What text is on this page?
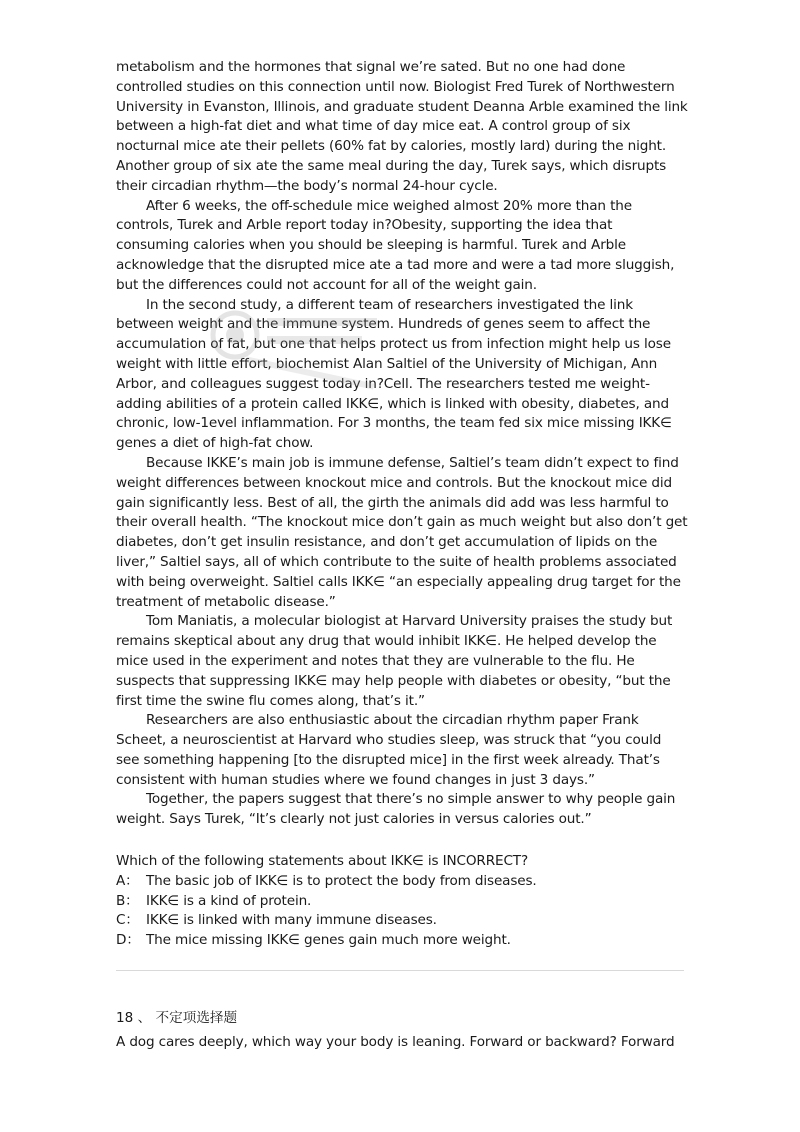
metabolism and the hormones that signal we’re sated. But no one had done controlled studies on this connection until now. Biologist Fred Turek of Northwestern University in Evanston, Illinois, and graduate student Deanna Arble examined the link between a high-fat diet and what time of day mice eat. A control group of six nocturnal mice ate their pellets (60% fat by calories, mostly lard) during the night. Another group of six ate the same meal during the day, Turek says, which disrupts their circadian rhythm—the body’s normal 24-hour cycle.

After 6 weeks, the off-schedule mice weighed almost 20% more than the controls, Turek and Arble report today in?Obesity, supporting the idea that consuming calories when you should be sleeping is harmful. Turek and Arble acknowledge that the disrupted mice ate a tad more and were a tad more sluggish, but the differences could not account for all of the weight gain.

In the second study, a different team of researchers investigated the link between weight and the immune system. Hundreds of genes seem to affect the accumulation of fat, but one that helps protect us from infection might help us lose weight with little effort, biochemist Alan Saltiel of the University of Michigan, Ann Arbor, and colleagues suggest today in?Cell. The researchers tested me weight-adding abilities of a protein called IKK∈, which is linked with obesity, diabetes, and chronic, low-1evel inflammation. For 3 months, the team fed six mice missing IKK∈ genes a diet of high-fat chow.

Because IKKE’s main job is immune defense, Saltiel’s team didn’t expect to find weight differences between knockout mice and controls. But the knockout mice did gain significantly less. Best of all, the girth the animals did add was less harmful to their overall health. “The knockout mice don’t gain as much weight but also don’t get diabetes, don’t get insulin resistance, and don’t get accumulation of lipids on the liver,” Saltiel says, all of which contribute to the suite of health problems associated with being overweight. Saltiel calls IKK∈ “an especially appealing drug target for the treatment of metabolic disease.”

Tom Maniatis, a molecular biologist at Harvard University praises the study but remains skeptical about any drug that would inhibit IKK∈. He helped develop the mice used in the experiment and notes that they are vulnerable to the flu. He suspects that suppressing IKK∈ may help people with diabetes or obesity, “but the first time the swine flu comes along, that’s it.”

Researchers are also enthusiastic about the circadian rhythm paper Frank Scheet, a neuroscientist at Harvard who studies sleep, was struck that “you could see something happening [to the disrupted mice] in the first week already. That’s consistent with human studies where we found changes in just 3 days.”

Together, the papers suggest that there’s no simple answer to why people gain weight. Says Turek, “It’s clearly not just calories in versus calories out.”

Which of the following statements about IKK∈ is INCORRECT?
A： The basic job of IKK∈ is to protect the body from diseases.
B： IKK∈ is a kind of protein.
C： IKK∈ is linked with many immune diseases.
D： The mice missing IKK∈ genes gain much more weight.
18 、 不定项选择题
A dog cares deeply, which way your body is leaning. Forward or backward? Forward
